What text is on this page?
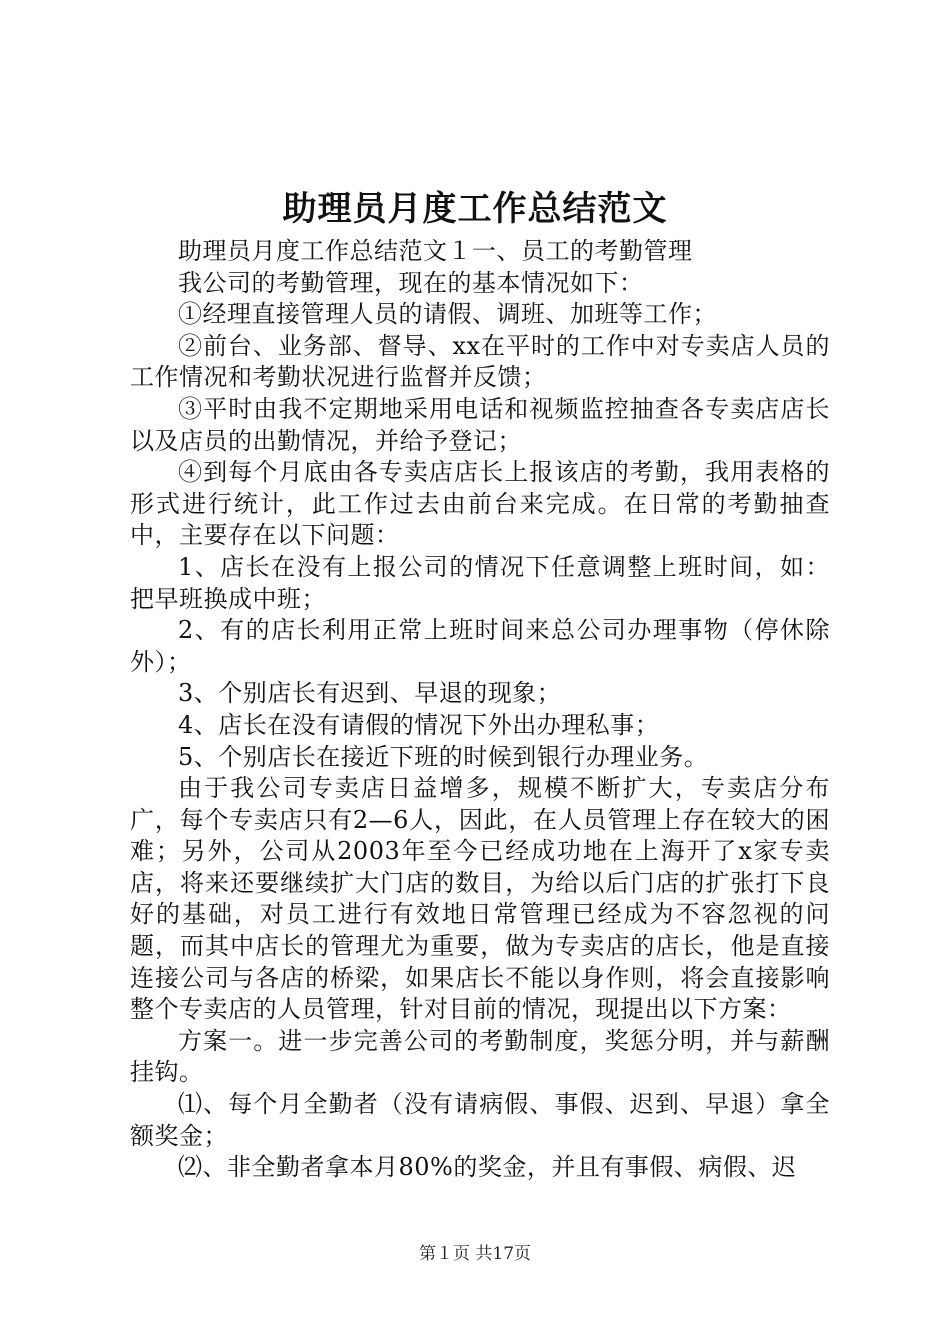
助理员月度工作总结范文

助理员月度工作总结范文１一、员工的考勤管理

我公司的考勤管理，现在的基本情况如下：

①经理直接管理人员的请假、调班、加班等工作；

②前台、业务部、督导、xx在平时的工作中对专卖店人员的工作情况和考勤状况进行监督并反馈；

③平时由我不定期地采用电话和视频监控抽查各专卖店店长以及店员的出勤情况，并给予登记；

④到每个月底由各专卖店店长上报该店的考勤，我用表格的形式进行统计，此工作过去由前台来完成。在日常的考勤抽查中，主要存在以下问题：

1、店长在没有上报公司的情况下任意调整上班时间，如：把早班换成中班；

2、有的店长利用正常上班时间来总公司办理事物（停休除外）；

3、个别店长有迟到、早退的现象；

4、店长在没有请假的情况下外出办理私事；

5、个别店长在接近下班的时候到银行办理业务。

由于我公司专卖店日益增多，规模不断扩大，专卖店分布广，每个专卖店只有2—6人，因此，在人员管理上存在较大的困难；另外，公司从2003年至今已经成功地在上海开了x家专卖店，将来还要继续扩大门店的数目，为给以后门店的扩张打下良好的基础，对员工进行有效地日常管理已经成为不容忽视的问题，而其中店长的管理尤为重要，做为专卖店的店长，他是直接连接公司与各店的桥梁，如果店长不能以身作则，将会直接影响整个专卖店的人员管理，针对目前的情况，现提出以下方案：

方案一。进一步完善公司的考勤制度，奖惩分明，并与薪酬挂钩。

⑴、每个月全勤者（没有请病假、事假、迟到、早退）拿全额奖金；

⑵、非全勤者拿本月80%的奖金，并且有事假、病假、迟

第１页 共17页
